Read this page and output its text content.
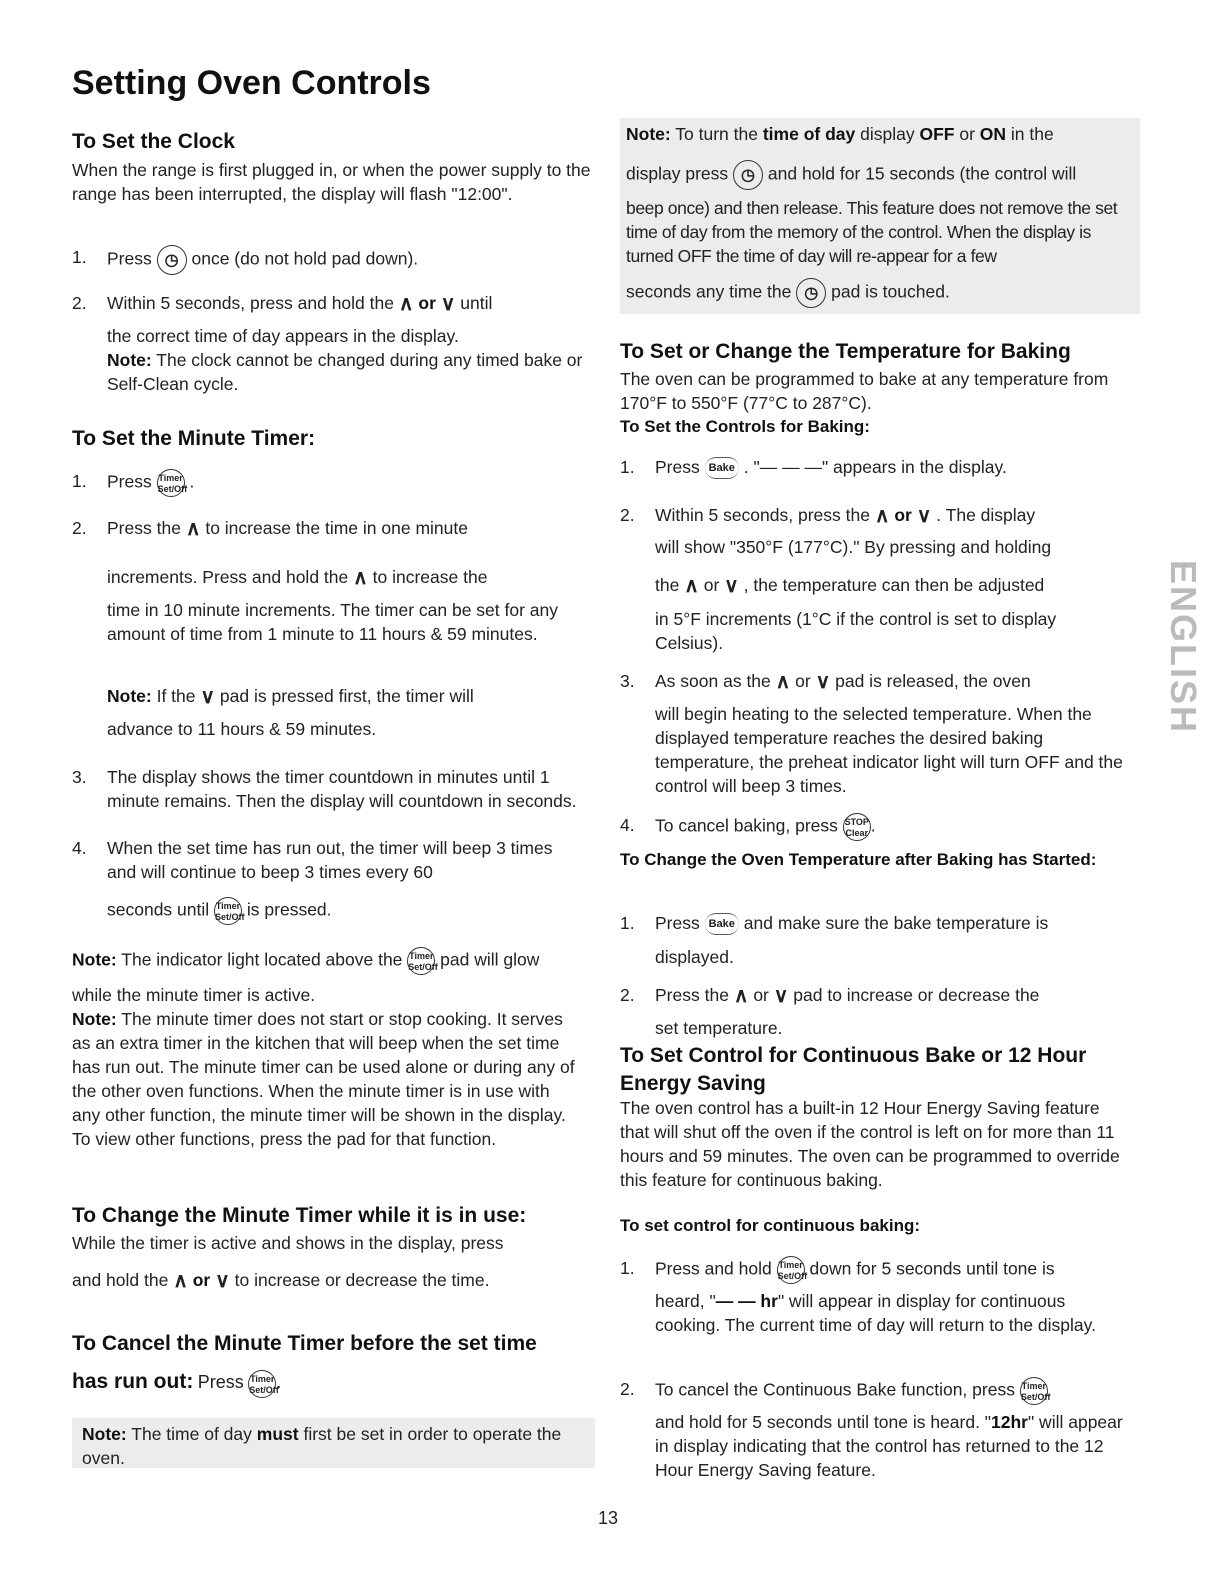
Setting Oven Controls
To Set the Clock

When the range is first plugged in, or when the power supply to the range has been interrupted, the display will flash "12:00".

1. Press ◷ once (do not hold pad down).
2. Within 5 seconds, press and hold the ∧ or ∨ until

the correct time of day appears in the display.

Note: The clock cannot be changed during any timed bake or Self-Clean cycle.

To Set the Minute Timer:
1. Press Timer
Set/Off .
2. Press the ∧ to increase the time in one minute

increments. Press and hold the ∧ to increase the

time in 10 minute increments. The timer can be set for any amount of time from 1 minute to 11 hours & 59 minutes.

Note: If the ∨ pad is pressed first, the timer will

advance to 11 hours & 59 minutes.

3. The display shows the timer countdown in minutes until 1 minute remains. Then the display will countdown in seconds.
4. When the set time has run out, the timer will beep 3 times and will continue to beep 3 times every 60

seconds until Timer
Set/Off is pressed.

Note: The indicator light located above the Timer
Set/Off pad will glow

while the minute timer is active.

Note: The minute timer does not start or stop cooking. It serves as an extra timer in the kitchen that will beep when the set time has run out. The minute timer can be used alone or during any of the other oven functions. When the minute timer is in use with any other function, the minute timer will be shown in the display. To view other functions, press the pad for that function.

To Change the Minute Timer while it is in use:

While the timer is active and shows in the display, press

and hold the ∧ or ∨ to increase or decrease the time.

To Cancel the Minute Timer before the set time
has run out: Press Timer
Set/Off.

Note: The time of day must first be set in order to operate the oven.

Note: To turn the time of day display OFF or ON in the

display press ◷ and hold for 15 seconds (the control will

beep once) and then release. This feature does not remove the set time of day from the memory of the control. When the display is turned OFF the time of day will re-appear for a few

seconds any time the ◷ pad is touched.

To Set or Change the Temperature for Baking

The oven can be programmed to bake at any temperature from 170°F to 550°F (77°C to 287°C).

To Set the Controls for Baking:
1. Press Bake . "— — —" appears in the display.
2. Within 5 seconds, press the ∧ or ∨ . The display

will show "350°F (177°C)." By pressing and holding

the ∧ or ∨ , the temperature can then be adjusted

in 5°F increments (1°C if the control is set to display Celsius).

3. As soon as the ∧ or ∨ pad is released, the oven

will begin heating to the selected temperature. When the displayed temperature reaches the desired baking temperature, the preheat indicator light will turn OFF and the control will beep 3 times.

4. To cancel baking, press STOP
Clear .
To Change the Oven Temperature after Baking has Started:
1. Press Bake and make sure the bake temperature is

displayed.

2. Press the ∧ or ∨ pad to increase or decrease the

set temperature.

To Set Control for Continuous Bake or 12 Hour Energy Saving

The oven control has a built-in 12 Hour Energy Saving feature that will shut off the oven if the control is left on for more than 11 hours and 59 minutes. The oven can be programmed to override this feature for continuous baking.

To set control for continuous baking:
1. Press and hold Timer
Set/Off down for 5 seconds until tone is

heard, "— — hr" will appear in display for continuous cooking. The current time of day will return to the display.

2. To cancel the Continuous Bake function, press Timer
Set/Off

and hold for 5 seconds until tone is heard. "12hr" will appear in display indicating that the control has returned to the 12 Hour Energy Saving feature.

ENGLISH
13
